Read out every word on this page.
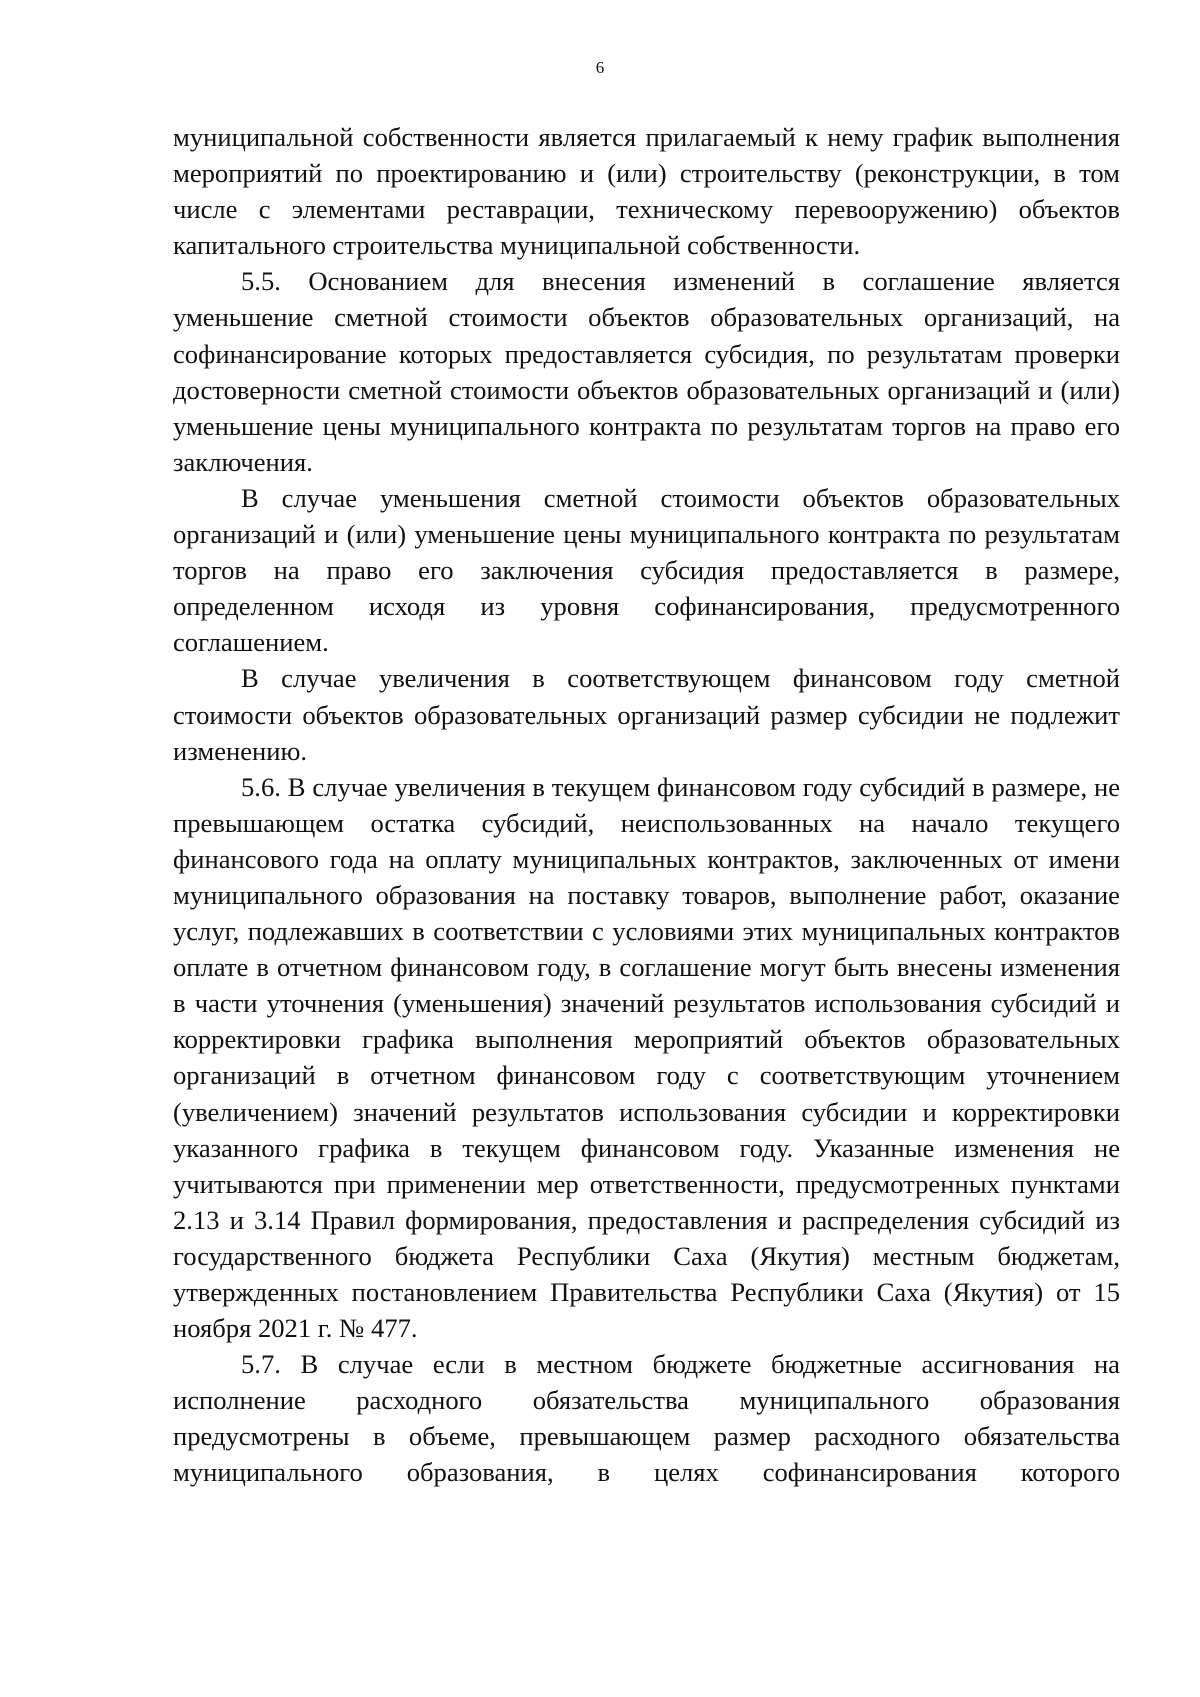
6

муниципальной собственности является прилагаемый к нему график выполнения мероприятий по проектированию и (или) строительству (реконструкции, в том числе с элементами реставрации, техническому перевооружению) объектов капитального строительства муниципальной собственности.

5.5. Основанием для внесения изменений в соглашение является уменьшение сметной стоимости объектов образовательных организаций, на софинансирование которых предоставляется субсидия, по результатам проверки достоверности сметной стоимости объектов образовательных организаций и (или) уменьшение цены муниципального контракта по результатам торгов на право его заключения.

В случае уменьшения сметной стоимости объектов образовательных организаций и (или) уменьшение цены муниципального контракта по результатам торгов на право его заключения субсидия предоставляется в размере, определенном исходя из уровня софинансирования, предусмотренного соглашением.

В случае увеличения в соответствующем финансовом году сметной стоимости объектов образовательных организаций размер субсидии не подлежит изменению.

5.6. В случае увеличения в текущем финансовом году субсидий в размере, не превышающем остатка субсидий, неиспользованных на начало текущего финансового года на оплату муниципальных контрактов, заключенных от имени муниципального образования на поставку товаров, выполнение работ, оказание услуг, подлежавших в соответствии с условиями этих муниципальных контрактов оплате в отчетном финансовом году, в соглашение могут быть внесены изменения в части уточнения (уменьшения) значений результатов использования субсидий и корректировки графика выполнения мероприятий объектов образовательных организаций в отчетном финансовом году с соответствующим уточнением (увеличением) значений результатов использования субсидии и корректировки указанного графика в текущем финансовом году. Указанные изменения не учитываются при применении мер ответственности, предусмотренных пунктами 2.13 и 3.14 Правил формирования, предоставления и распределения субсидий из государственного бюджета Республики Саха (Якутия) местным бюджетам, утвержденных постановлением Правительства Республики Саха (Якутия) от 15 ноября 2021 г. № 477.

5.7. В случае если в местном бюджете бюджетные ассигнования на исполнение расходного обязательства муниципального образования предусмотрены в объеме, превышающем размер расходного обязательства муниципального образования, в целях софинансирования которого
